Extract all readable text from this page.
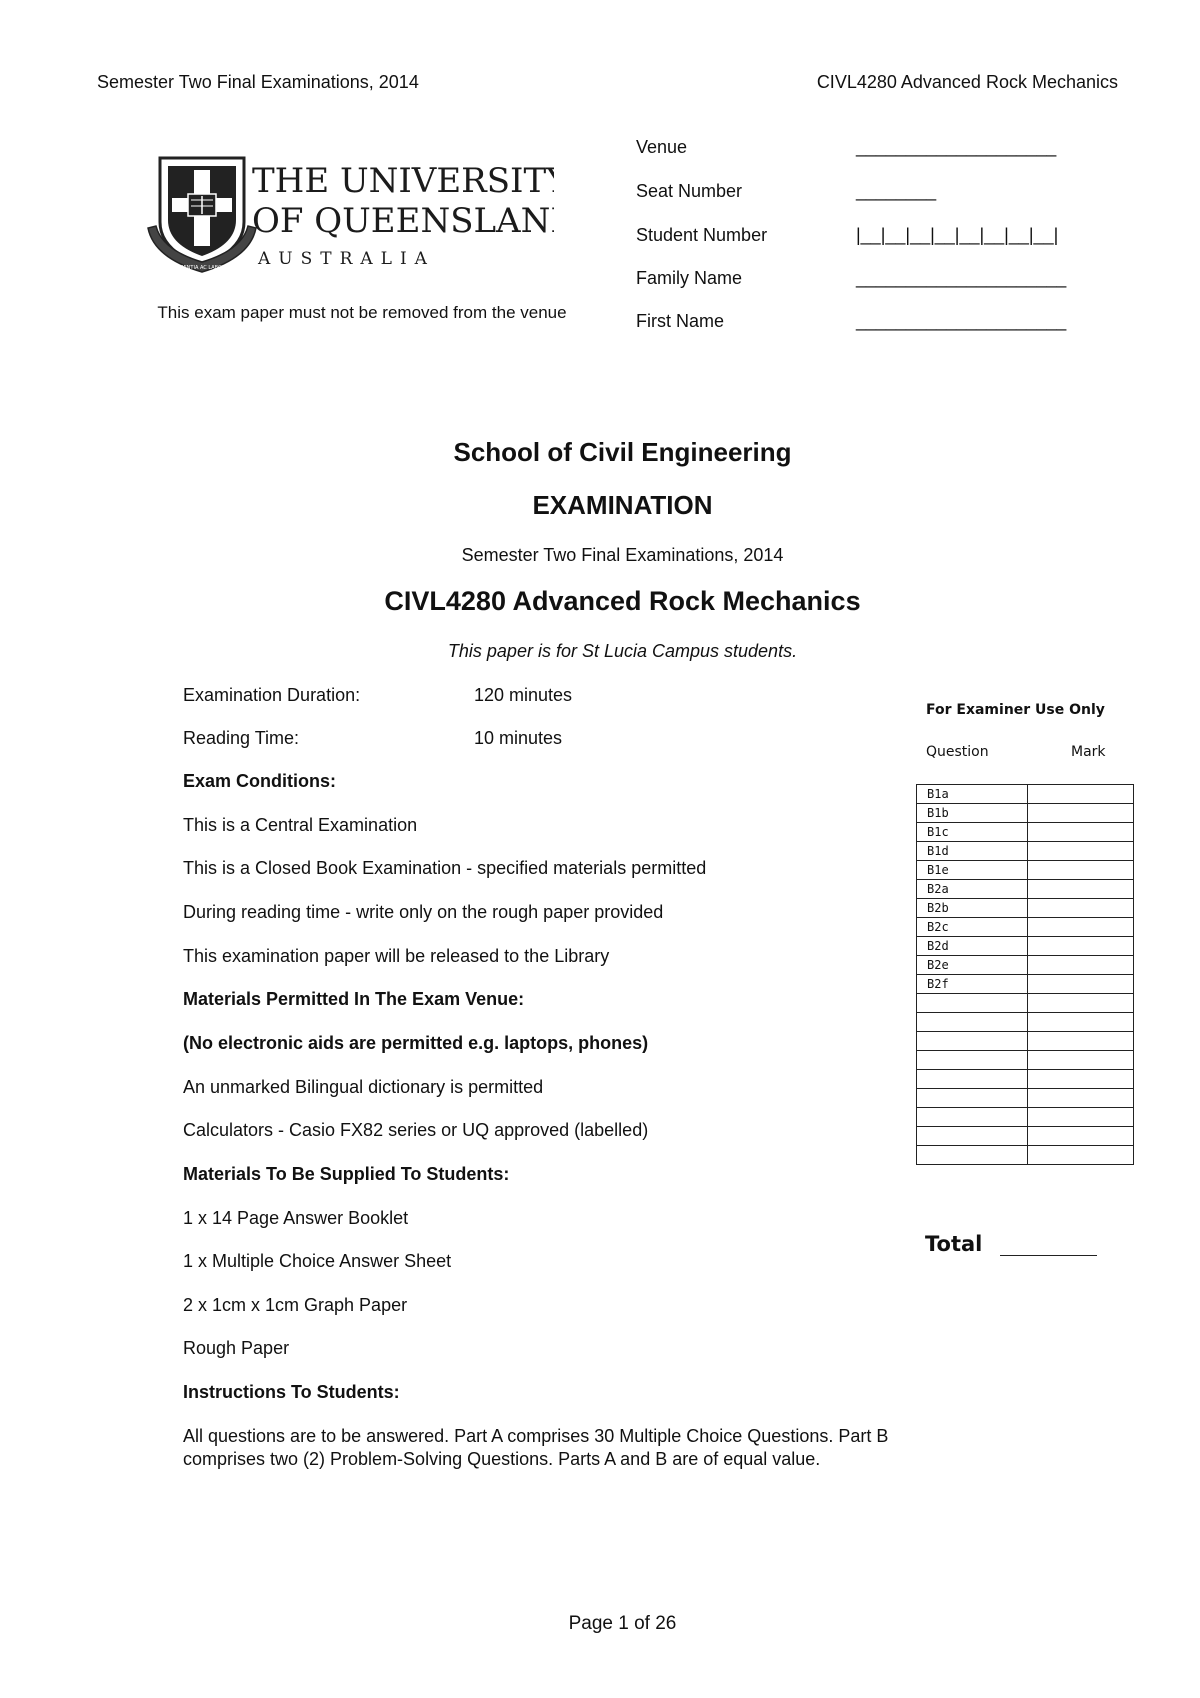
Semester Two Final Examinations, 2014	CIVL4280 Advanced Rock Mechanics
SCIENTIA AC LABORE
THE UNIVERSITY
OF QUEENSLAND
AUSTRALIA
This exam paper must not be removed from the venue
Venue	____________________
Seat Number	________
Student Number	|__|__|__|__|__|__|__|__|
Family Name	_____________________
First Name	_____________________
School of Civil Engineering
EXAMINATION
Semester Two Final Examinations, 2014
CIVL4280 Advanced Rock Mechanics
This paper is for St Lucia Campus students.
Examination Duration:	120 minutes
Reading Time:	10 minutes
Exam Conditions:
This is a Central Examination
This is a Closed Book Examination - specified materials permitted
During reading time - write only on the rough paper provided
This examination paper will be released to the Library
Materials Permitted In The Exam Venue:
(No electronic aids are permitted e.g. laptops, phones)
An unmarked Bilingual dictionary is permitted
Calculators - Casio FX82 series or UQ approved (labelled)
Materials To Be Supplied To Students:
1 x 14 Page Answer Booklet
1 x Multiple Choice Answer Sheet
2 x 1cm x 1cm Graph Paper
Rough Paper
Instructions To Students:
All questions are to be answered. Part A comprises 30 Multiple Choice Questions. Part B
comprises two (2) Problem-Solving Questions. Parts A and B are of equal value.
For Examiner Use Only
Question	Mark
B1a	
B1b	
B1c	
B1d	
B1e	
B2a	
B2b	
B2c	
B2d	
B2e	
B2f	

Total
Page 1 of 26
